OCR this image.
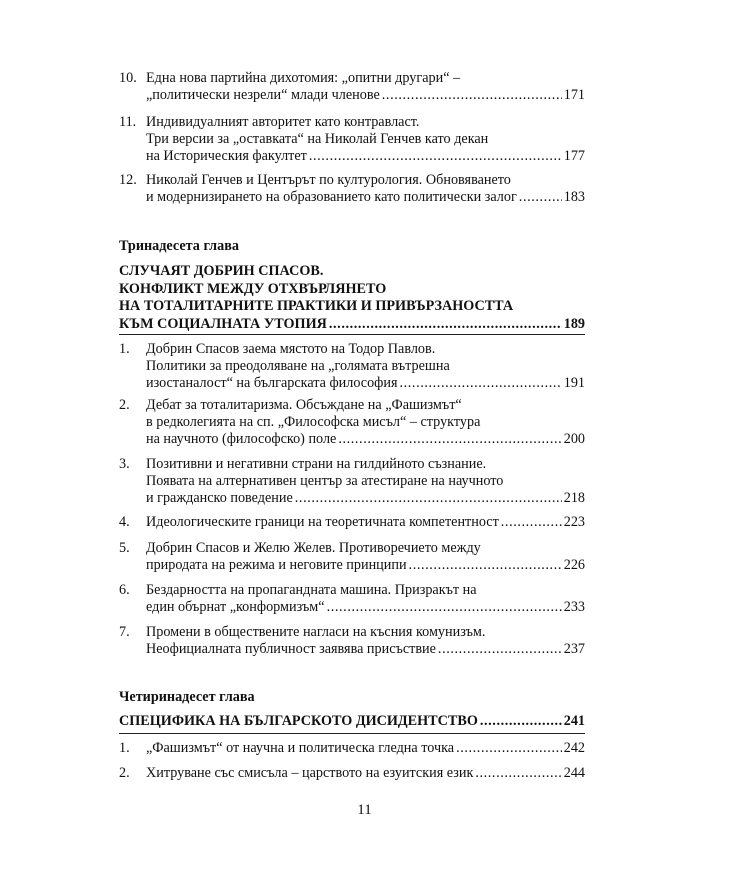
10. Една нова партийна дихотомия: „опитни другари“ –
„политически незрели“ млади членове .....	171
11. Индивидуалният авторитет като контравласт.
Три версии за „оставката“ на Николай Генчев като декан
на Историческия факултет .....	177
12. Николай Генчев и Центърът по културология. Обновяването
и модернизирането на образованието като политически залог .....	183
Тринадесета глава
СЛУЧАЯТ ДОБРИН СПАСОВ.
КОНФЛИКТ МЕЖДУ ОТХВЪРЛЯНЕТО
НА ТОТАЛИТАРНИТЕ ПРАКТИКИ И ПРИВЪРЗАНОСТТА
КЪМ СОЦИАЛНАТА УТОПИЯ .....	189
1. Добрин Спасов заема мястото на Тодор Павлов.
Политики за преодоляване на „голямата вътрешна
изостаналост“ на българската философия .....	191
2. Дебат за тоталитаризма. Обсъждане на „Фашизмът“
в редколегията на сп. „Философска мисъл“ – структура
на научното (философско) поле .....	200
3. Позитивни и негативни страни на гилдийното съзнание.
Появата на алтернативен център за атестиране на научното
и гражданско поведение .....	218
4. Идеологическите граници на теоретичната компетентност .....	223
5. Добрин Спасов и Желю Желев. Противоречието между
природата на режима и неговите принципи .....	226
6. Бездарността на пропагандната машина. Призракът на
един обърнат „конформизъм“ .....	233
7. Промени в обществените нагласи на късния комунизъм.
Неофициалната публичност заявява присъствие .....	237
Четиринадесет глава
СПЕЦИФИКА НА БЪЛГАРСКОТО ДИСИДЕНТСТВО .....	241
1. „Фашизмът“ от научна и политическа гледна точка .....	242
2. Хитруване със смисъла – царството на езуитския език .....	244
11
